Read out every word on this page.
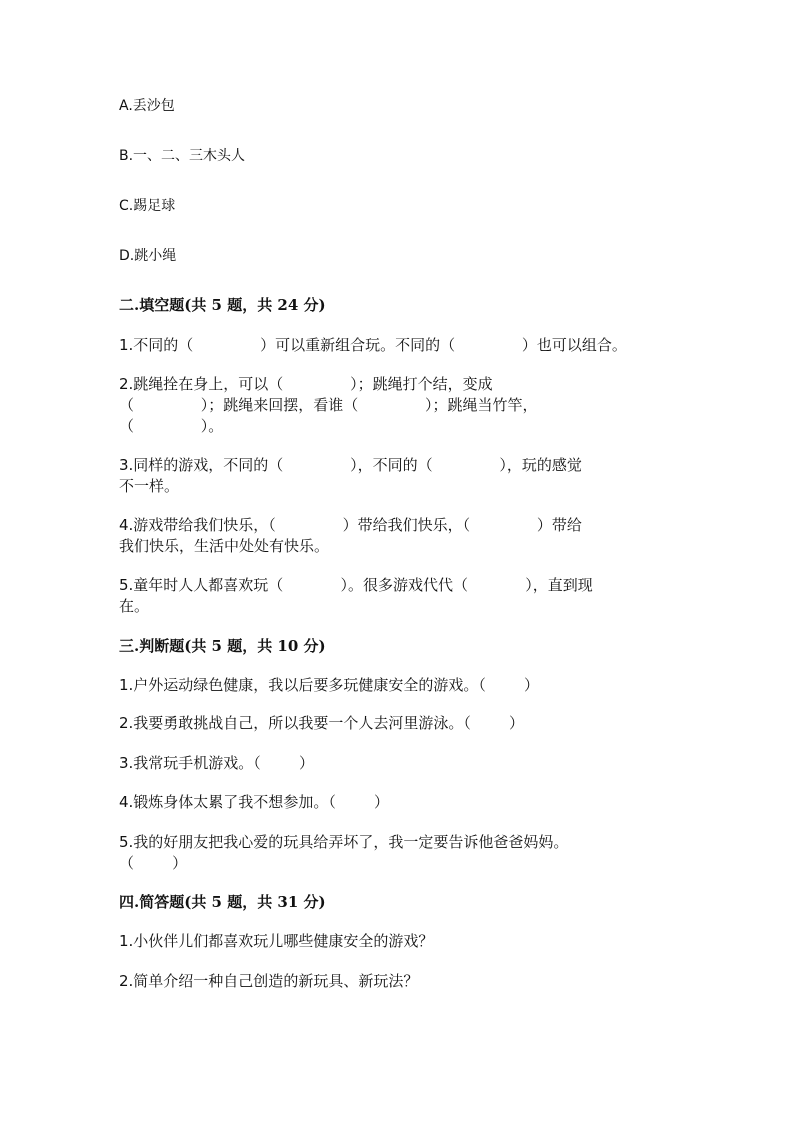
A.丢沙包

B.一、二、三木头人

C.踢足球

D.跳小绳

二.填空题(共 5 题，共 24 分)

1.不同的（              ）可以重新组合玩。不同的（              ）也可以组合。

2.跳绳拴在身上，可以（              ）；跳绳打个结，变成

（              ）；跳绳来回摆，看谁（              ）；跳绳当竹竿，

（              ）。

3.同样的游戏，不同的（              ），不同的（              ），玩的感觉

不一样。

4.游戏带给我们快乐，（              ）带给我们快乐，（              ）带给

我们快乐，生活中处处有快乐。

5.童年时人人都喜欢玩（            ）。很多游戏代代（            ），直到现

在。

三.判断题(共 5 题，共 10 分)

1.户外运动绿色健康，我以后要多玩健康安全的游戏。（        ）

2.我要勇敢挑战自己，所以我要一个人去河里游泳。（        ）

3.我常玩手机游戏。（        ）

4.锻炼身体太累了我不想参加。（        ）

5.我的好朋友把我心爱的玩具给弄坏了，我一定要告诉他爸爸妈妈。

（        ）

四.简答题(共 5 题，共 31 分)

1.小伙伴儿们都喜欢玩儿哪些健康安全的游戏？

2.简单介绍一种自己创造的新玩具、新玩法？
